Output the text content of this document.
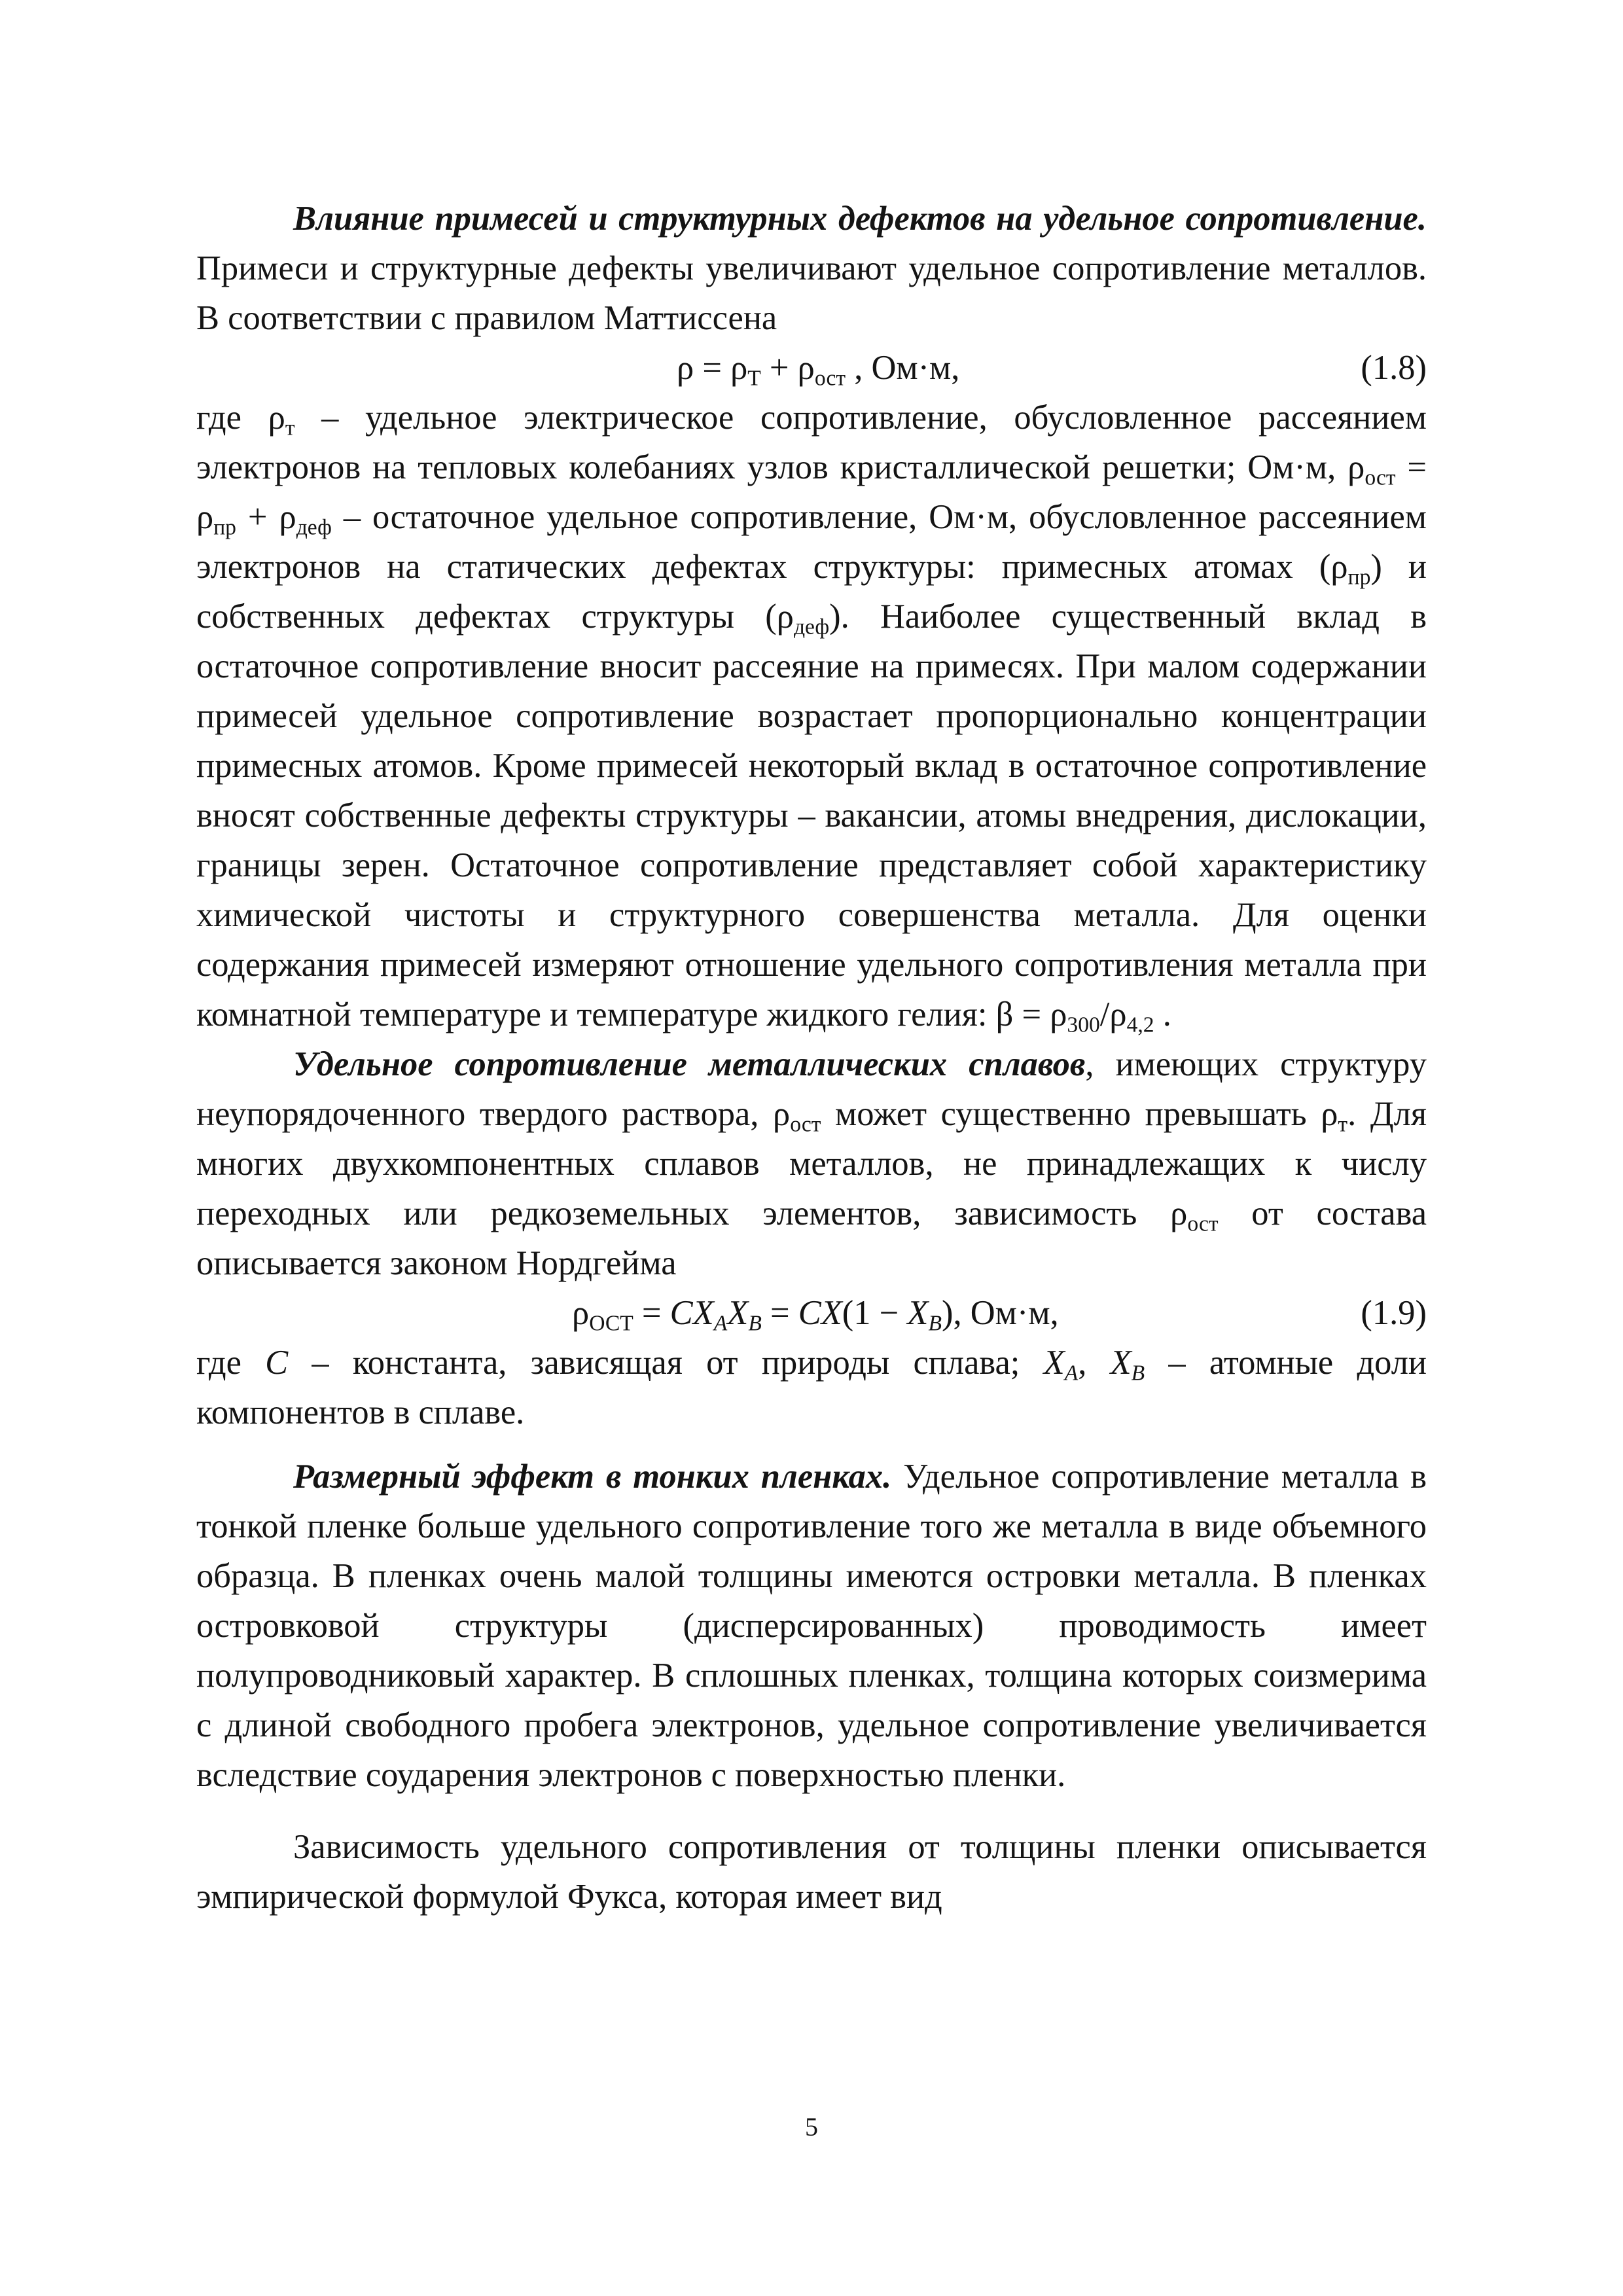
Влияние примесей и структурных дефектов на удельное сопротивление. Примеси и структурные дефекты увеличивают удельное сопротивление металлов. В соответствии с правилом Маттиссена

$\rho = \rho_Т + \rho_{ост}$ , Ом·м,	(1.8)

где $\rho_т$ – удельное электрическое сопротивление, обусловленное рассеянием электронов на тепловых колебаниях узлов кристаллической решетки; Ом·м, $\rho_{ост} = \rho_{пр} + \rho_{деф}$ – остаточное удельное сопротивление, Ом·м, обусловленное рассеянием электронов на статических дефектах структуры: примесных атомах $(\rho_{пр})$ и собственных дефектах структуры $(\rho_{деф})$. Наиболее существенный вклад в остаточное сопротивление вносит рассеяние на примесях. При малом содержании примесей удельное сопротивление возрастает пропорционально концентрации примесных атомов. Кроме примесей некоторый вклад в остаточное сопротивление вносят собственные дефекты структуры – вакансии, атомы внедрения, дислокации, границы зерен. Остаточное сопротивление представляет собой характеристику химической чистоты и структурного совершенства металла. Для оценки содержания примесей измеряют отношение удельного сопротивления металла при комнатной температуре и температуре жидкого гелия: $\beta = \rho_{300}/\rho_{4,2}$ .

Удельное сопротивление металлических сплавов, имеющих структуру неупорядоченного твердого раствора, $\rho_{ост}$ может существенно превышать $\rho_т$. Для многих двухкомпонентных сплавов металлов, не принадлежащих к числу переходных или редкоземельных элементов, зависимость $\rho_{ост}$ от состава описывается законом Нордгейма

$\rho_{ОСТ} = CX_AX_B = CX(1 - X_B)$, Ом·м,	(1.9)

где C – константа, зависящая от природы сплава; $X_A$, $X_B$ – атомные доли компонентов в сплаве.

Размерный эффект в тонких пленках. Удельное сопротивление металла в тонкой пленке больше удельного сопротивление того же металла в виде объемного образца. В пленках очень малой толщины имеются островки металла. В пленках островковой структуры (дисперсированных) проводимость имеет полупроводниковый характер. В сплошных пленках, толщина которых соизмерима с длиной свободного пробега электронов, удельное сопротивление увеличивается вследствие соударения электронов с поверхностью пленки.

Зависимость удельного сопротивления от толщины пленки описывается эмпирической формулой Фукса, которая имеет вид

5
